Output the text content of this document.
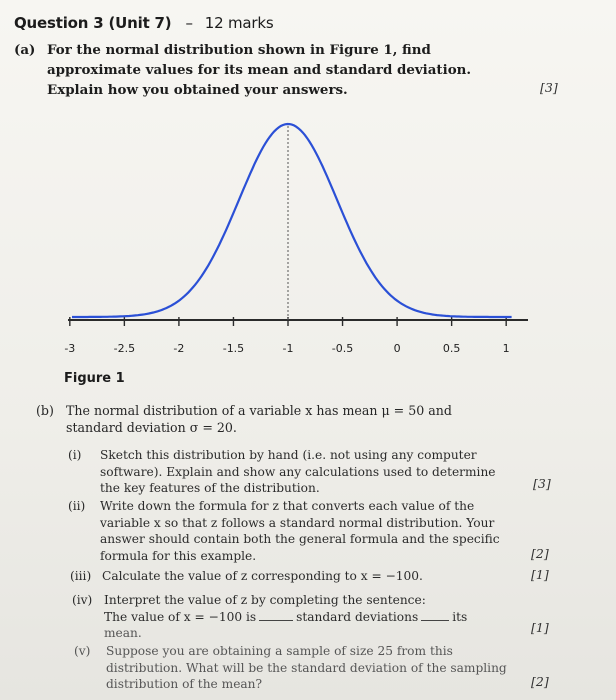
Question 3 (Unit 7) – 12 marks
(a) For the normal distribution shown in Figure 1, find approximate values for its mean and standard deviation. Explain how you obtained your answers.	[3]
-3	-2.5	-2	-1.5	-1	-0.5	0	0.5	1
Figure 1
(b) The normal distribution of a variable x has mean μ = 50 and standard deviation σ = 20.
(i) Sketch this distribution by hand (i.e. not using any computer
software). Explain and show any calculations used to determine
the key features of the distribution.	[3]
(ii) Write down the formula for z that converts each value of the
variable x so that z follows a standard normal distribution. Your
answer should contain both the general formula and the specific
formula for this example.	[2]
(iii) Calculate the value of z corresponding to x = −100.	[1]
(iv) Interpret the value of z by completing the sentence:
The value of x = −100 is	standard deviations	its
mean.	[1]
(v) Suppose you are obtaining a sample of size 25 from this
distribution. What will be the standard deviation of the sampling
distribution of the mean?	[2]
